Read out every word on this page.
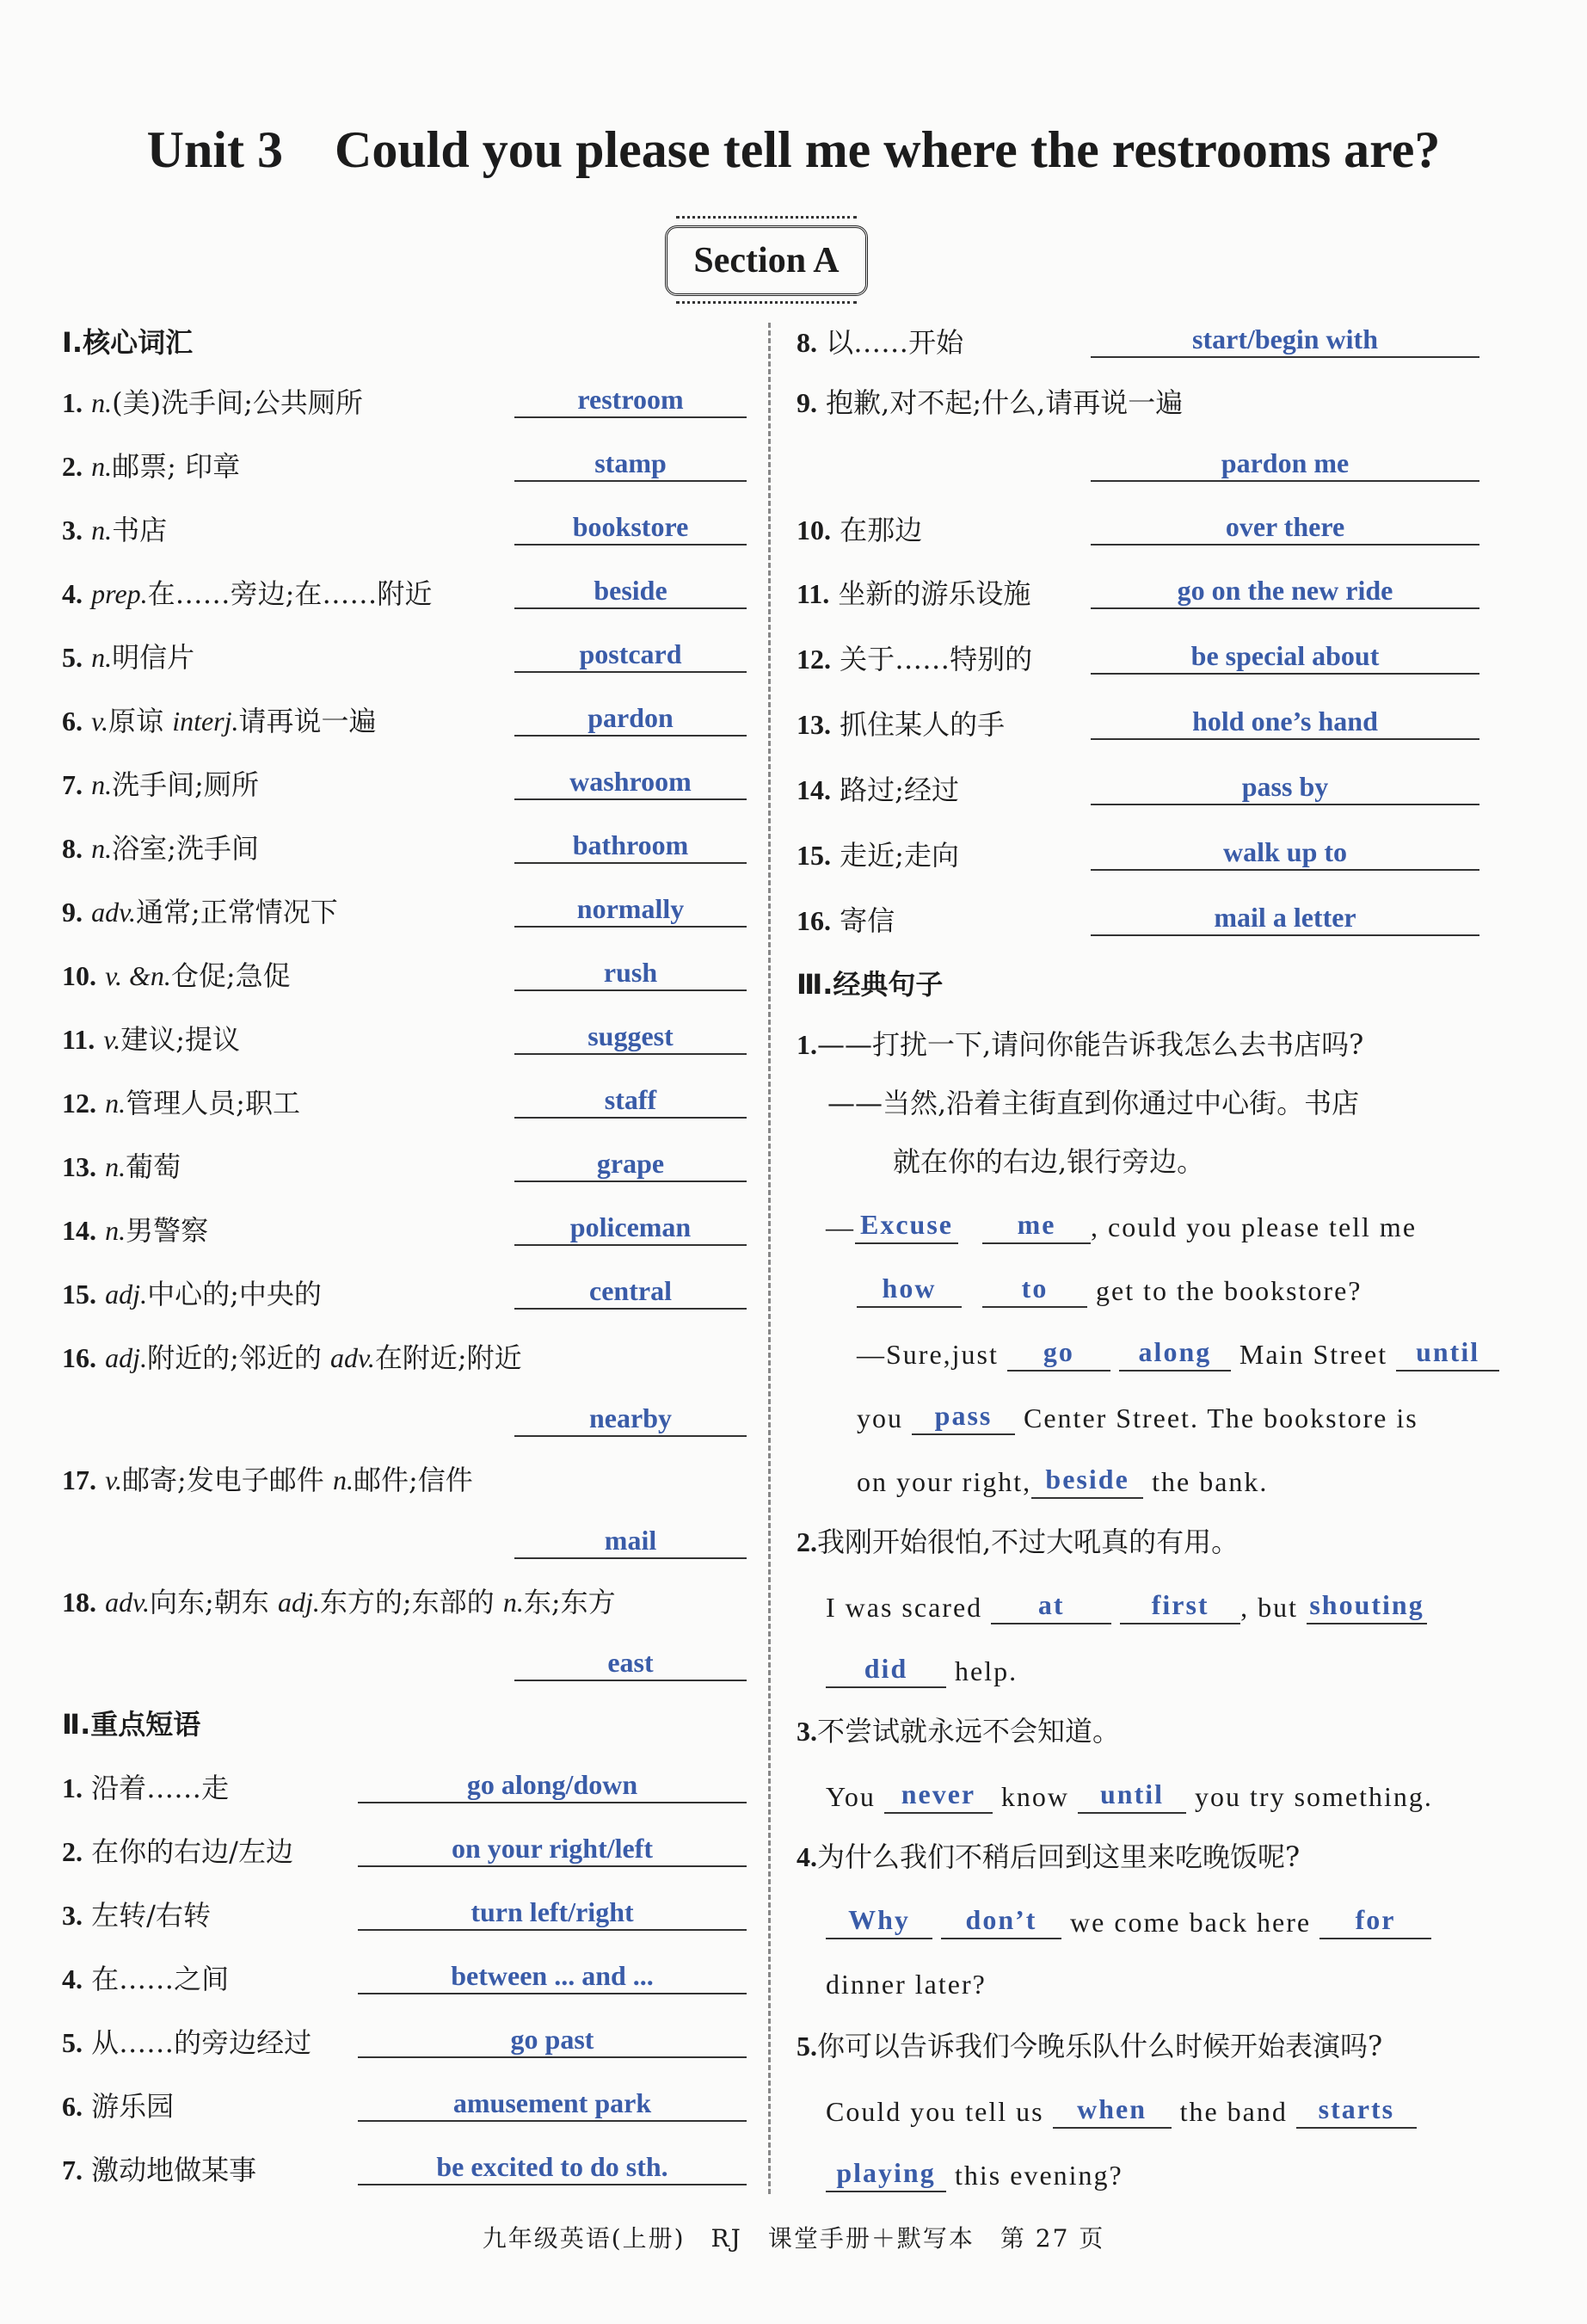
Unit 3 Could you please tell me where the restrooms are?
Section A
Ⅰ.核心词汇
1. n.(美)洗手间;公共厕所	restroom
2. n.邮票; 印章	stamp
3. n.书店	bookstore
4. prep.在……旁边;在……附近	beside
5. n.明信片	postcard
6. v.原谅 interj.请再说一遍	pardon
7. n.洗手间;厕所	washroom
8. n.浴室;洗手间	bathroom
9. adv.通常;正常情况下	normally
10. v. &n.仓促;急促	rush
11. v.建议;提议	suggest
12. n.管理人员;职工	staff
13. n.葡萄	grape
14. n.男警察	policeman
15. adj.中心的;中央的	central
16. adj.附近的;邻近的 adv.在附近;附近
nearby
17. v.邮寄;发电子邮件 n.邮件;信件
mail
18. adv.向东;朝东 adj.东方的;东部的 n.东;东方
east
Ⅱ.重点短语
1. 沿着……走	go along/down
2. 在你的右边/左边	on your right/left
3. 左转/右转	turn left/right
4. 在……之间	between ... and ...
5. 从……的旁边经过	go past
6. 游乐园	amusement park
7. 激动地做某事	be excited to do sth.
8. 以……开始	start/begin with
9. 抱歉,对不起;什么,请再说一遍
pardon me
10. 在那边	over there
11. 坐新的游乐设施	go on the new ride
12. 关于……特别的	be special about
13. 抓住某人的手	hold one’s hand
14. 路过;经过	pass by
15. 走近;走向	walk up to
16. 寄信	mail a letter
Ⅲ.经典句子
1.——打扰一下,请问你能告诉我怎么去书店吗?
——当然,沿着主街直到你通过中心街。书店
就在你的右边,银行旁边。
— Excuse me , could you please tell me
how	to get to the bookstore?
—Sure,just go along Main Street until
you pass Center Street. The bookstore is
on your right, beside the bank.
2.我刚开始很怕,不过大吼真的有用。
I was scared at	first , but shouting
did help.
3.不尝试就永远不会知道。
You never know until you try something.
4.为什么我们不稍后回到这里来吃晚饭呢?
Why don’t we come back here for
dinner later?
5.你可以告诉我们今晚乐队什么时候开始表演吗?
Could you tell us when the band starts
playing this evening?
九年级英语(上册)　RJ　课堂手册＋默写本　第 27 页
